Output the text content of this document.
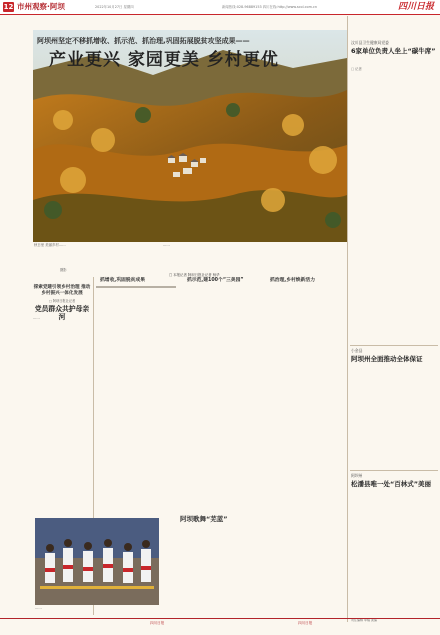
12 市州观察·阿坝	2022年10月27日 星期四	新闻热线:028-96889153 四川在线:http://www.scol.com.cn	四川日报
阿坝州坚定不移抓增收、抓示范、抓治理,巩固拓展脱贫攻坚成果——
产业更兴 家园更美 乡村更优
秋日里 美丽乡村……
摄影
……
□ 本报记者 阿坝日报社记者 杨华
探索党建引领乡村治理 推动乡村振兴一体化发展
□ 阿坝日报社记者
党员群众共护母亲河
……
抓增收,巩固脱贫成果	抓示范,建100个“三美园”	抓治理,乡村焕新活力
……
阿坝歌舞“芜蓝”
汶川县卫生健康局党委
6家单位负责人坐上“碳牛席”
□ 记者
小金县
阿坝州全面推动全体保证
阿坝州
松潘县唯一处“百林式”美丽
责任编辑 审稿 美编
四川日报	四川日报
